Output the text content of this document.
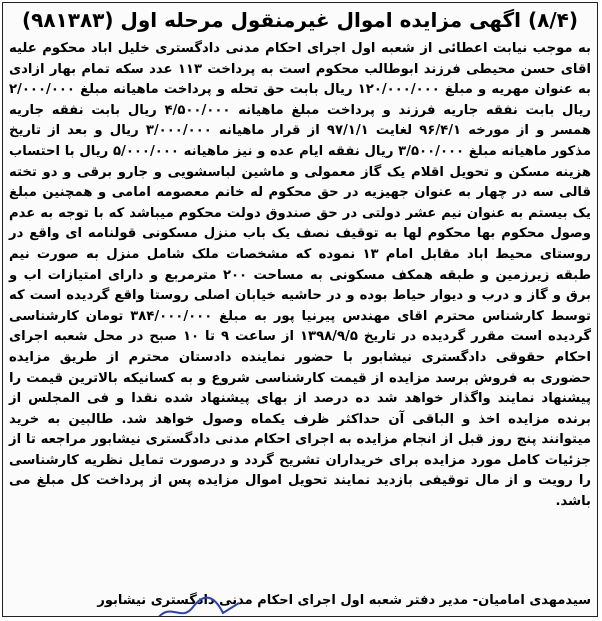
(۸/۴) اگهی مزایده اموال غیرمنقول مرحله اول (۹۸۱۳۸۳)

به موجب نیابت اعطائی از شعبه اول اجرای احکام مدنی دادگستری خلیل اباد محکوم علیه اقای حسن محیطی فرزند ابوطالب محکوم است به پرداخت ۱۱۳ عدد سکه تمام بهار ازادی به عنوان مهریه و مبلغ ۱۲۰/۰۰۰/۰۰۰ ریال بابت حق تحله و پرداخت ماهیانه مبلغ ۲/۰۰۰/۰۰۰ ریال بابت نفقه جاریه فرزند و پرداخت مبلغ ماهیانه ۴/۵۰۰/۰۰۰ ریال بابت نفقه جاریه همسر و از مورخه ۹۶/۴/۱ لغایت ۹۷/۱/۱ از قرار ماهیانه ۳/۰۰۰/۰۰۰ ریال و بعد از تاریخ مذکور ماهیانه مبلغ ۳/۵۰۰/۰۰۰ ریال نفقه ایام عده و نیز ماهیانه ۵/۰۰۰/۰۰۰ ریال با احتساب هزینه مسکن و تحویل اقلام یک گاز معمولی و ماشین لباسشویی و جارو برقی و دو تخته قالی سه در چهار به عنوان جهیزیه در حق محکوم له خانم معصومه امامی و همچنین مبلغ یک بیستم به عنوان نیم عشر دولتی در حق صندوق دولت محکوم میباشد که با توجه به عدم وصول محکوم بها محکوم لها به توقیف نصف یک باب منزل مسکونی قولنامه ای واقع در روستای محیط اباد مقابل امام ۱۳ نموده که مشخصات ملک شامل منزل به صورت نیم طبقه زیرزمین و طبقه همکف مسکونی به مساحت ۲۰۰ مترمربع و دارای امتیازات اب و برق و گاز و درب و دیوار حیاط بوده و در حاشیه خیابان اصلی روستا واقع گردیده است که توسط کارشناس محترم اقای مهندس پیرنیا پور به مبلغ ۳۸۴/۰۰۰/۰۰۰ تومان کارشناسی گردیده است مقرر گردیده در تاریخ ۱۳۹۸/۹/۵ از ساعت ۹ تا ۱۰ صبح در محل شعبه اجرای احکام حقوقی دادگستری نیشابور با حضور نماینده دادستان محترم از طریق مزایده حضوری به فروش برسد مزایده از قیمت کارشناسی شروع و به کسانیکه بالاترین قیمت را پیشنهاد نمایند واگذار خواهد شد ده درصد از بهای پیشنهاد شده نقدا و فی المجلس از برنده مزایده اخذ و الباقی آن حداکثر ظرف یکماه وصول خواهد شد. طالبین به خرید میتوانند پنج روز قبل از انجام مزایده به اجرای احکام مدنی دادگستری نیشابور مراجعه تا از جزئیات کامل مورد مزایده برای خریداران تشریح گردد و درصورت تمایل نظریه کارشناسی را رویت و از مال توقیفی بازدید نمایند تحویل اموال مزایده پس از پرداخت کل مبلغ می باشد.

سیدمهدی امامیان- مدیر دفتر شعبه اول اجرای احکام مدنی دادگستری نیشابور
